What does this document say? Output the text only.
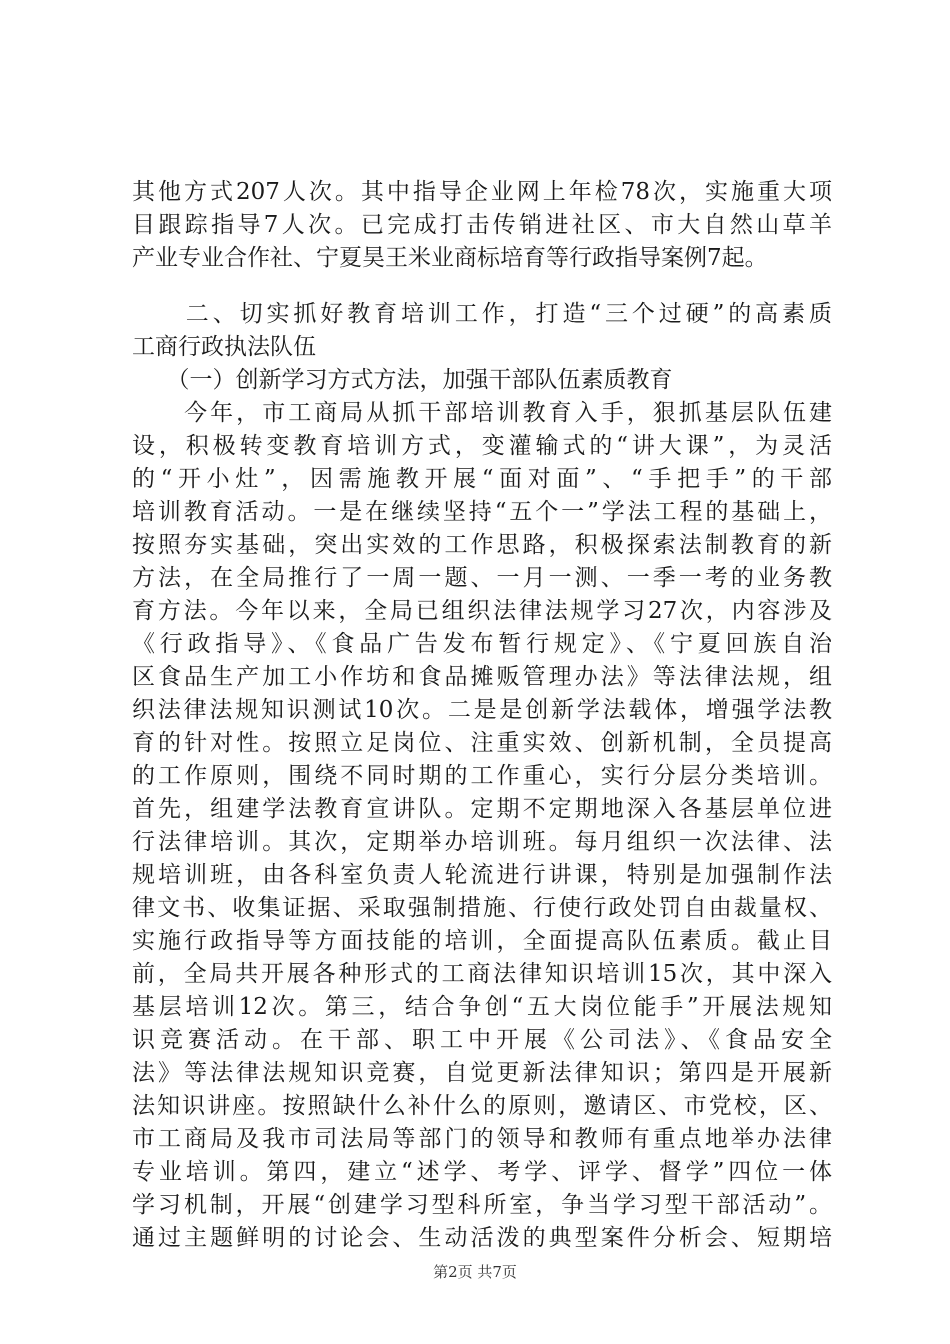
其他方式207人次。其中指导企业网上年检78次，实施重大项
目跟踪指导7人次。已完成打击传销进社区、市大自然山草羊
产业专业合作社、宁夏昊王米业商标培育等行政指导案例7起。
　　二、切实抓好教育培训工作，打造“三个过硬”的高素质
工商行政执法队伍
　　（一）创新学习方式方法，加强干部队伍素质教育
　　今年，市工商局从抓干部培训教育入手，狠抓基层队伍建
设，积极转变教育培训方式，变灌输式的“讲大课”，为灵活
的“开小灶”，因需施教开展“面对面”、“手把手”的干部
培训教育活动。一是在继续坚持“五个一”学法工程的基础上，
按照夯实基础，突出实效的工作思路，积极探索法制教育的新
方法，在全局推行了一周一题、一月一测、一季一考的业务教
育方法。今年以来，全局已组织法律法规学习27次，内容涉及
《行政指导》、《食品广告发布暂行规定》、《宁夏回族自治
区食品生产加工小作坊和食品摊贩管理办法》等法律法规，组
织法律法规知识测试10次。二是是创新学法载体，增强学法教
育的针对性。按照立足岗位、注重实效、创新机制，全员提高
的工作原则，围绕不同时期的工作重心，实行分层分类培训。
首先，组建学法教育宣讲队。定期不定期地深入各基层单位进
行法律培训。其次，定期举办培训班。每月组织一次法律、法
规培训班，由各科室负责人轮流进行讲课，特别是加强制作法
律文书、收集证据、采取强制措施、行使行政处罚自由裁量权、
实施行政指导等方面技能的培训，全面提高队伍素质。截止目
前，全局共开展各种形式的工商法律知识培训15次，其中深入
基层培训12次。第三，结合争创“五大岗位能手”开展法规知
识竞赛活动。在干部、职工中开展《公司法》、《食品安全
法》等法律法规知识竞赛，自觉更新法律知识；第四是开展新
法知识讲座。按照缺什么补什么的原则，邀请区、市党校，区、
市工商局及我市司法局等部门的领导和教师有重点地举办法律
专业培训。第四，建立“述学、考学、评学、督学”四位一体
学习机制，开展“创建学习型科所室，争当学习型干部活动”。
通过主题鲜明的讨论会、生动活泼的典型案件分析会、短期培
第2页 共7页
